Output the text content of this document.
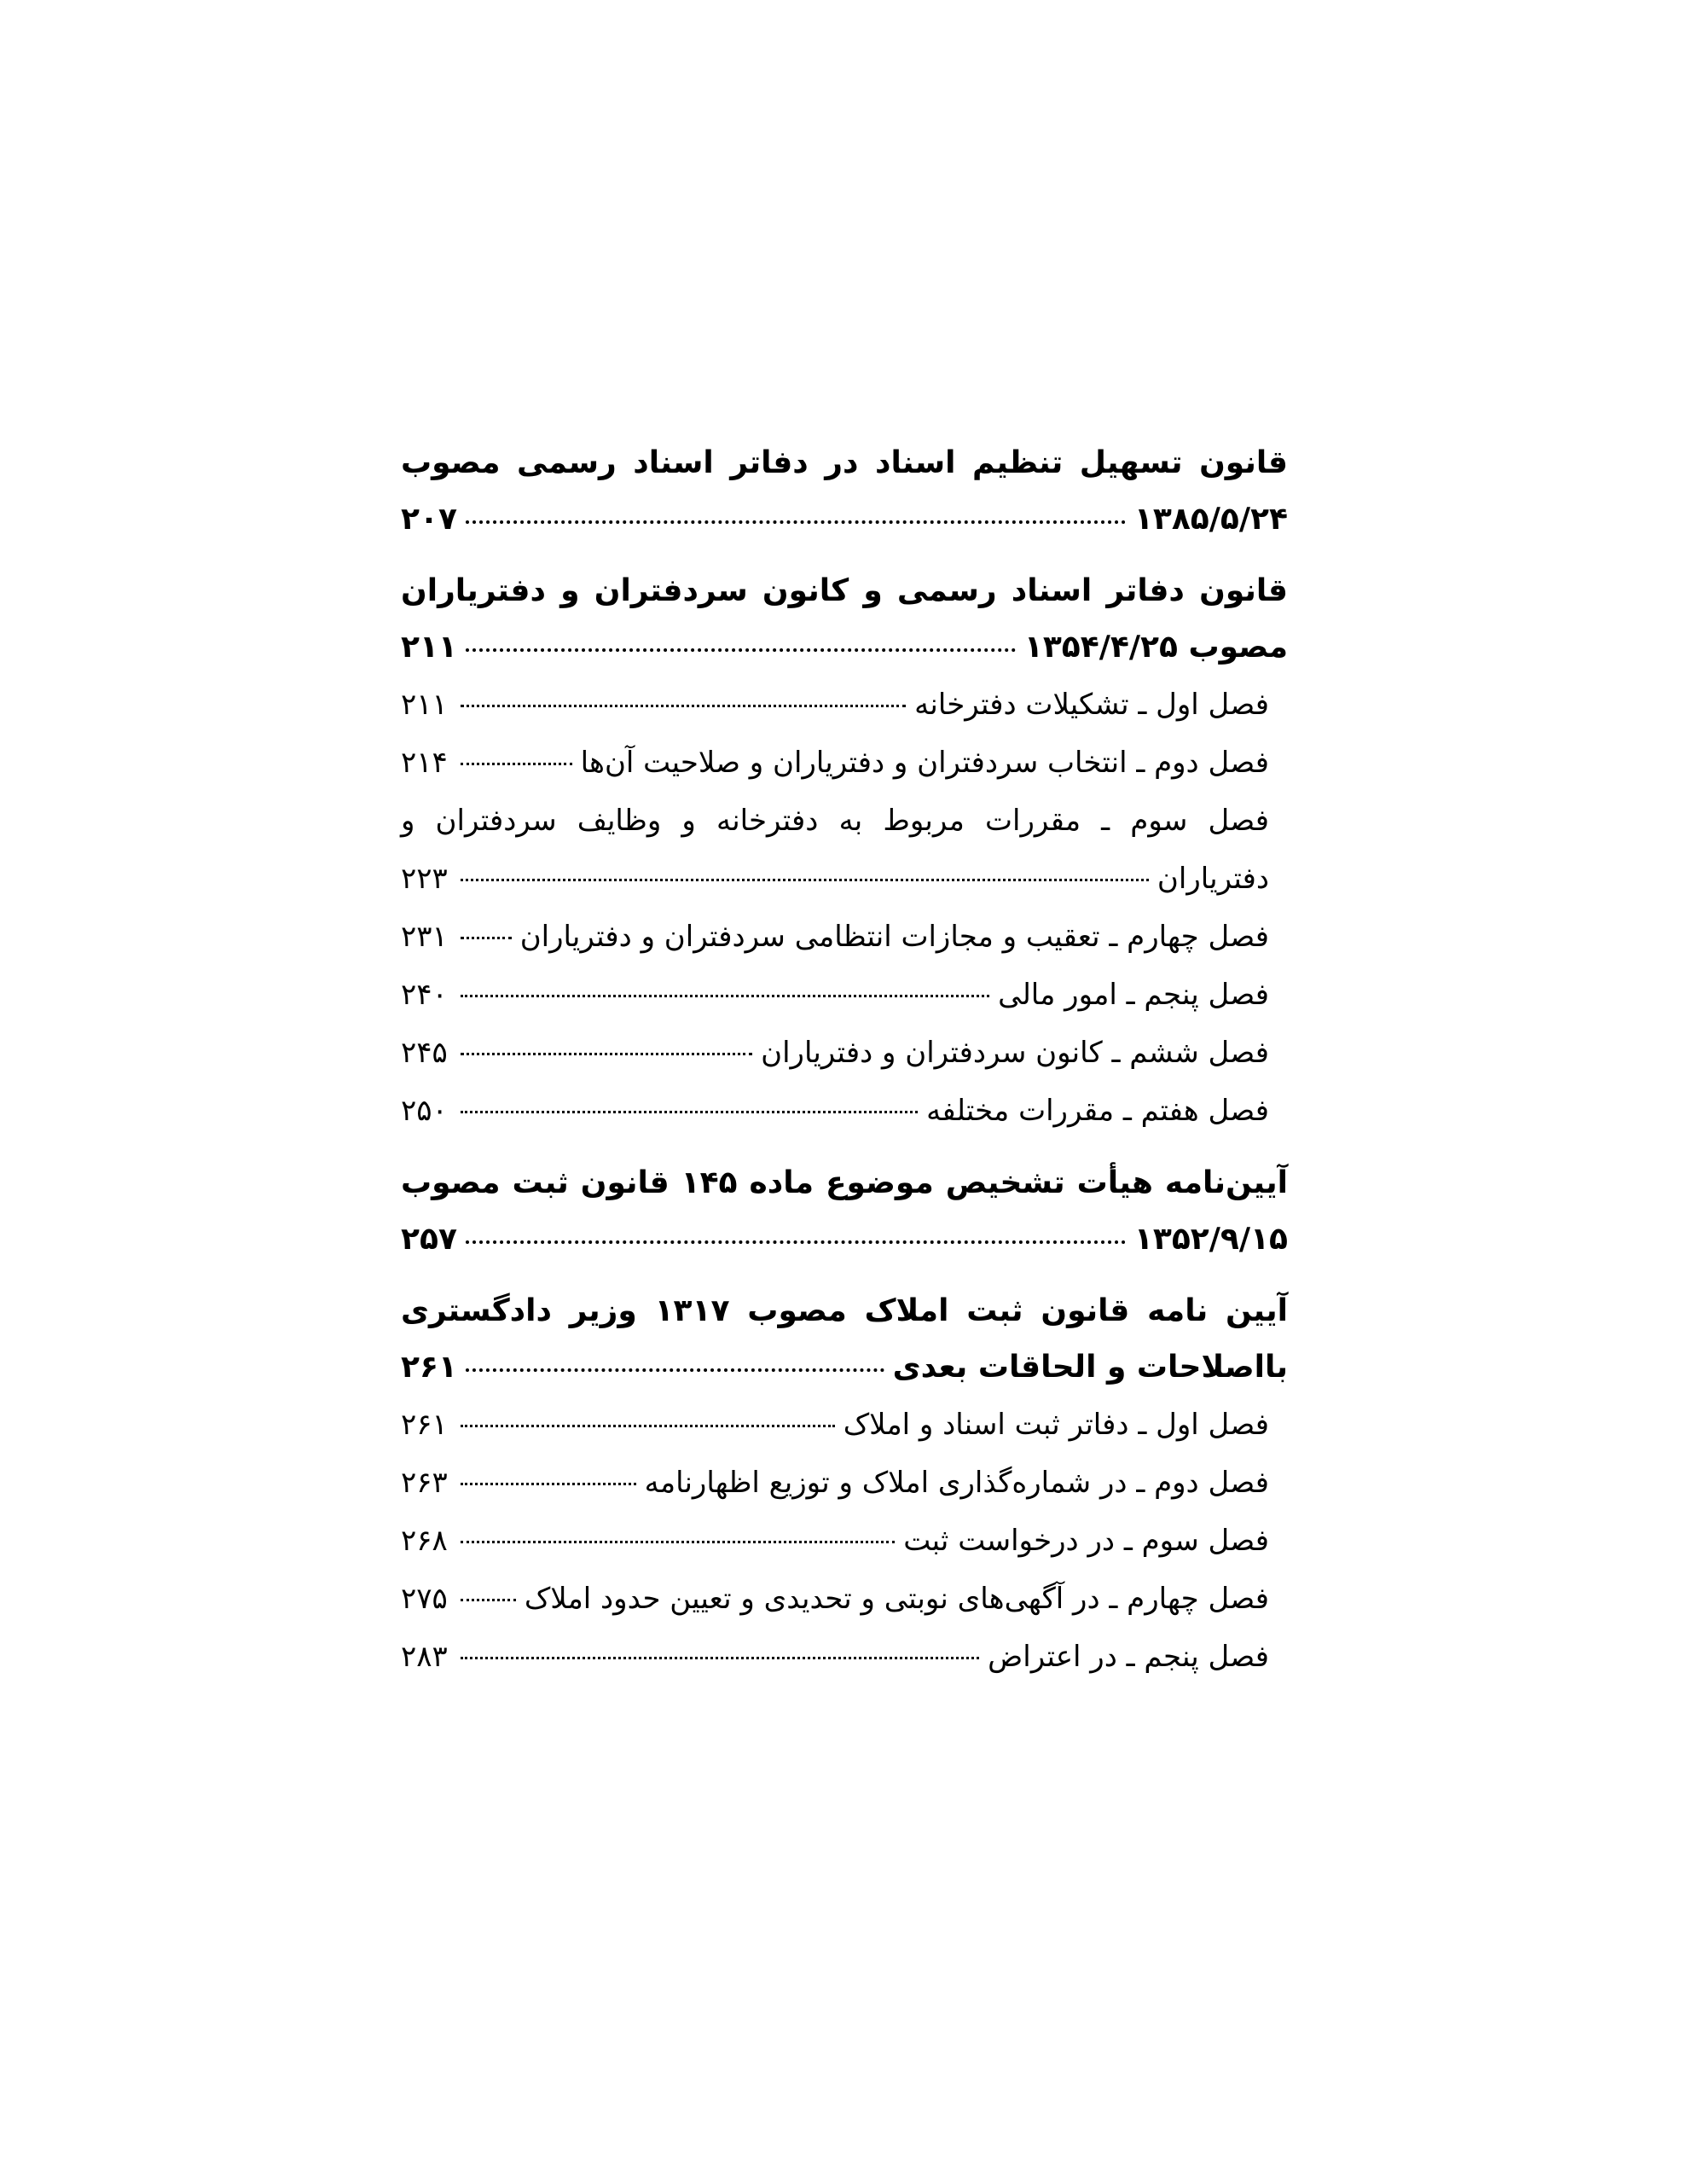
قانون تسهیل تنظیم اسناد در دفاتر اسناد رسمی مصوب
۱۳۸۵/۵/۲۴
۲۰۷
قانون دفاتر اسناد رسمی و کانون سردفتران و دفتریاران
مصوب ۱۳۵۴/۴/۲۵
۲۱۱
فصل اول ـ تشکیلات دفترخانه
۲۱۱
فصل دوم ـ انتخاب سردفتران و دفتریاران و صلاحیت آن‌ها
۲۱۴
فصل سوم ـ مقررات مربوط به دفترخانه و وظایف سردفتران و
دفتریاران
۲۲۳
فصل چهارم ـ تعقیب و مجازات انتظامی سردفتران و دفتریاران
۲۳۱
فصل پنجم ـ امور مالی
۲۴۰
فصل ششم ـ کانون سردفتران و دفتریاران
۲۴۵
فصل هفتم ـ مقررات مختلفه
۲۵۰
آیین‌نامه هیأت تشخیص موضوع ماده ۱۴۵ قانون ثبت مصوب
۱۳۵۲/۹/۱۵
۲۵۷
آیین نامه قانون ثبت املاک مصوب ۱۳۱۷ وزیر دادگستری
بااصلاحات و الحاقات بعدی
۲۶۱
فصل اول ـ دفاتر ثبت اسناد و املاک
۲۶۱
فصل دوم ـ در شماره‌گذاری املاک و توزیع اظهارنامه
۲۶۳
فصل سوم ـ در درخواست ثبت
۲۶۸
فصل چهارم ـ در آگهی‌های نوبتی و تحدیدی و تعیین حدود املاک
۲۷۵
فصل پنجم ـ در اعتراض
۲۸۳
